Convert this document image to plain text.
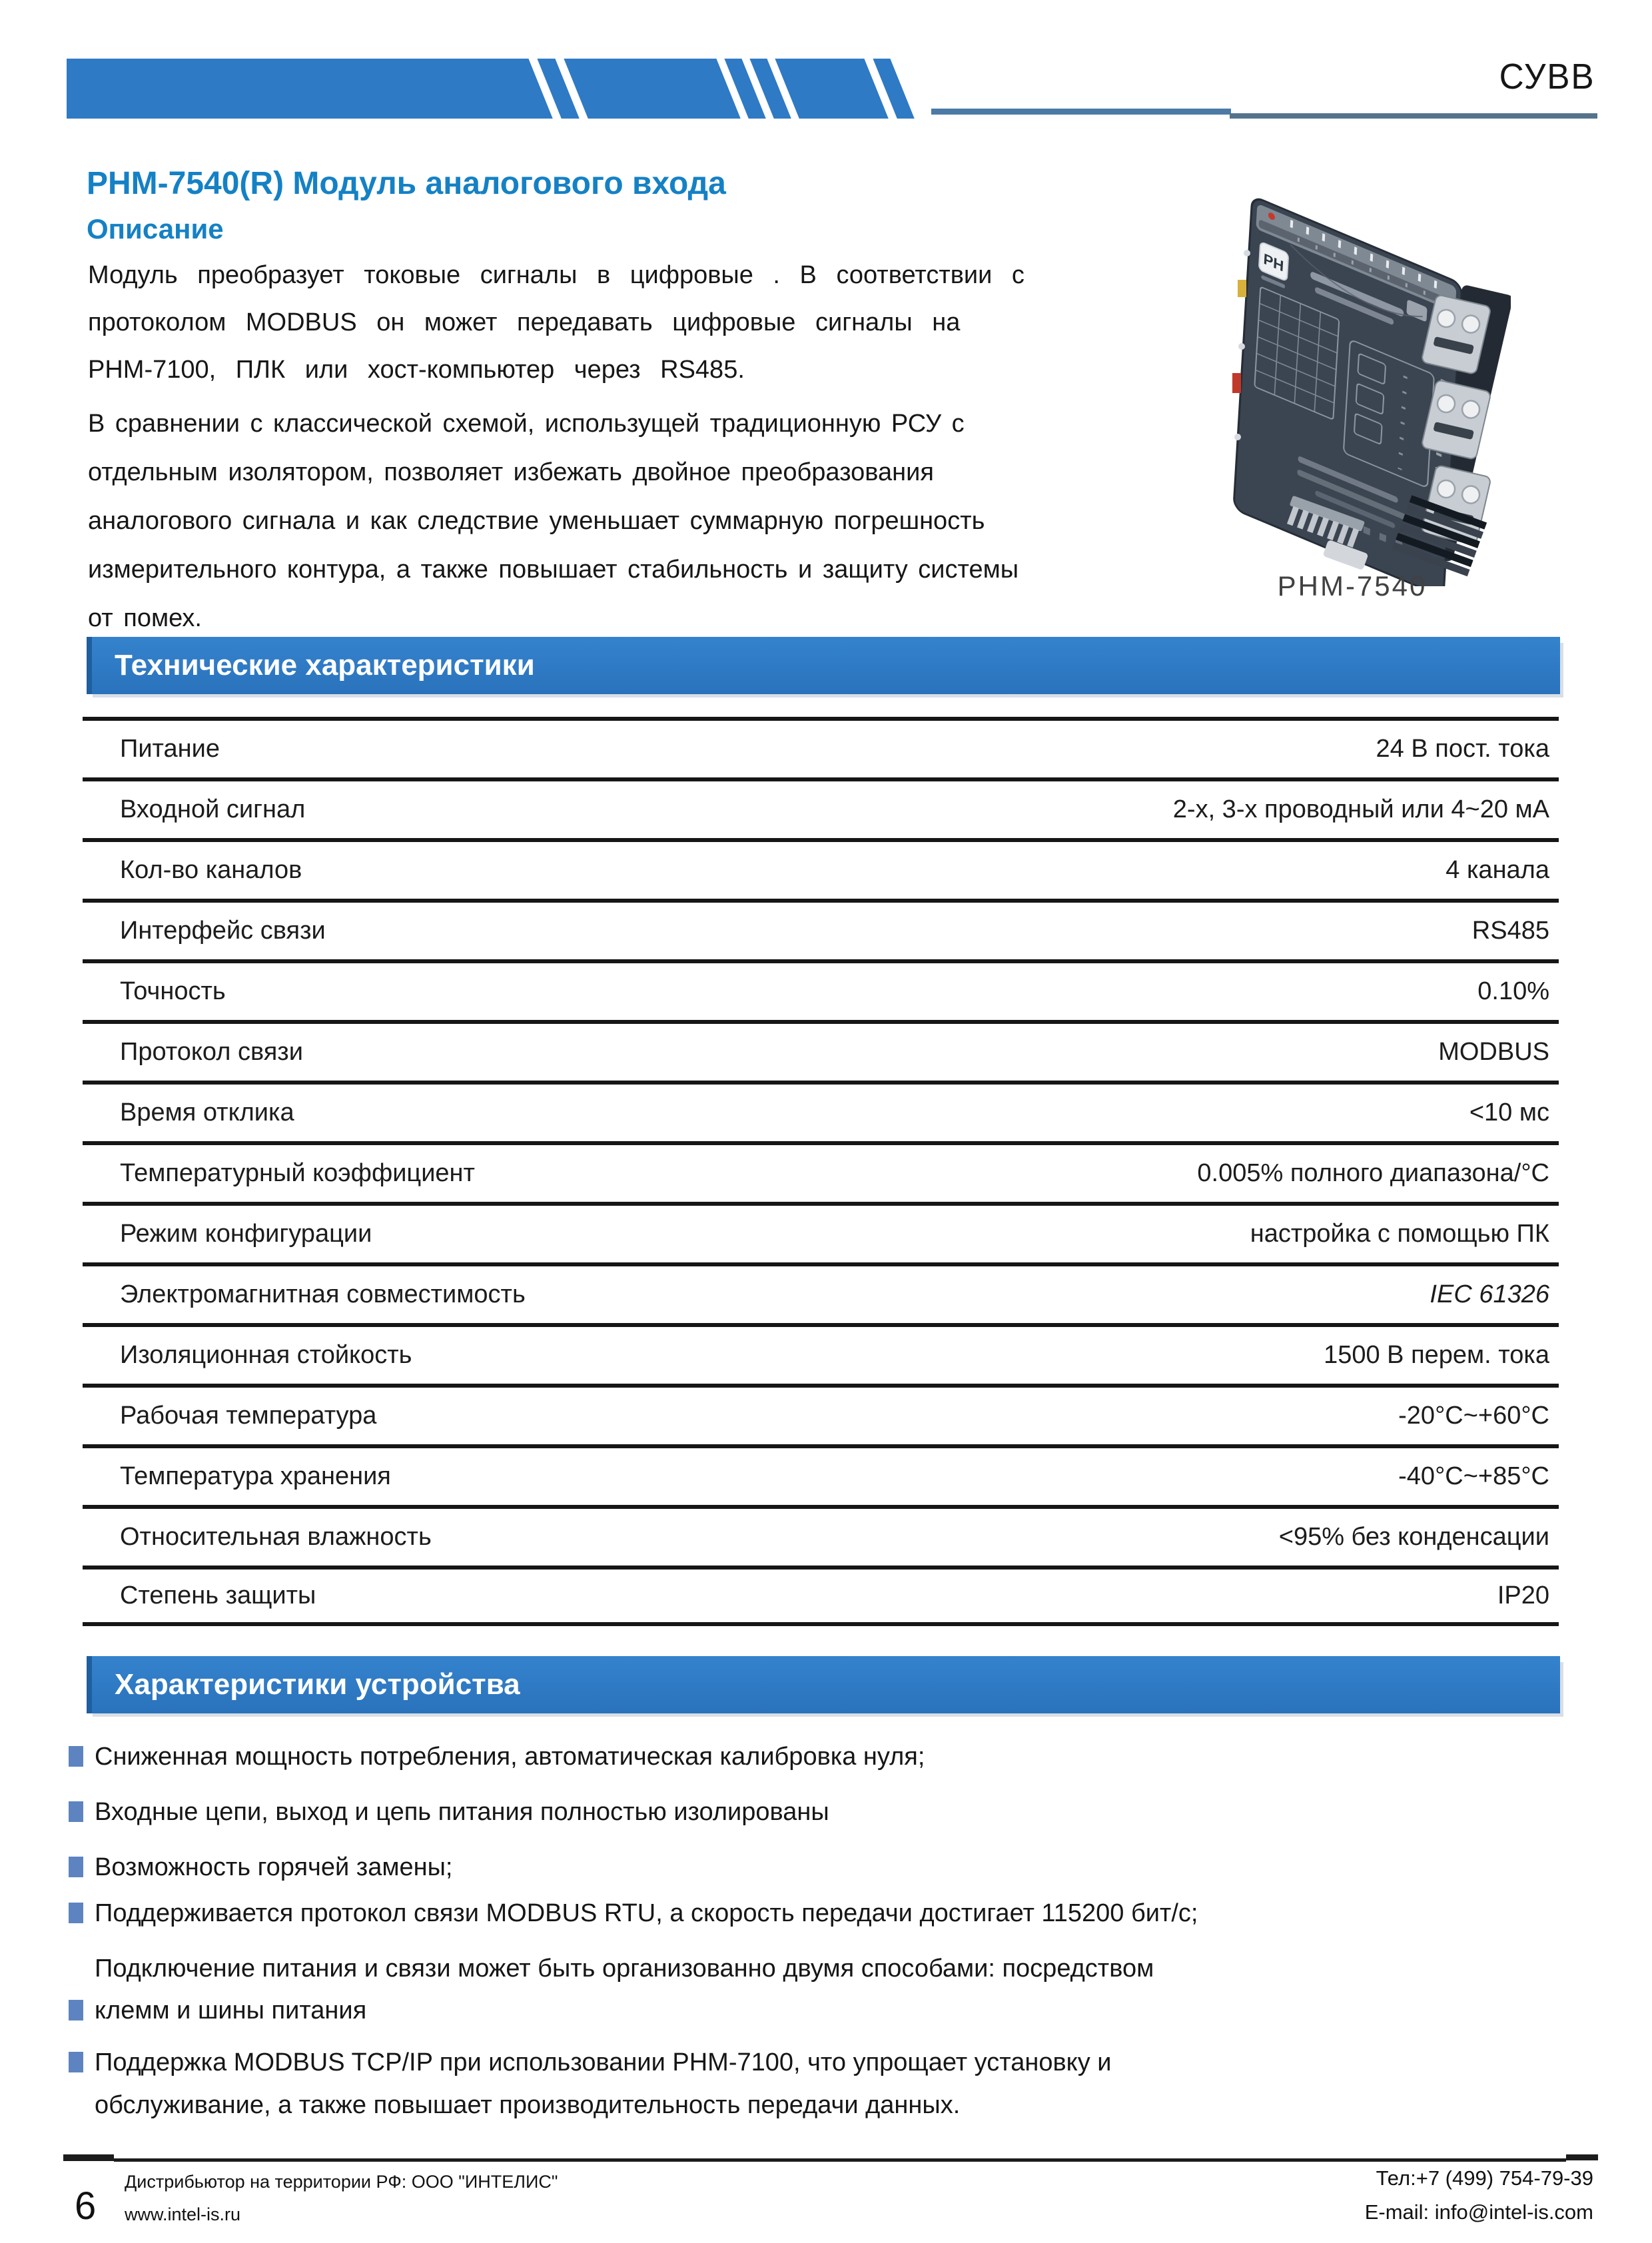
СУВВ
PHM-7540(R) Модуль аналогового входа
Описание
Модуль преобразует токовые сигналы в цифровые . В соответствии с
протоколом MODBUS он может передавать цифровые сигналы на
PHM-7100, ПЛК или хост-компьютер через RS485.
В сравнении с классической схемой, использущей традиционную РСУ с
отдельным изолятором, позволяет избежать двойное преобразования
аналогового сигнала и как следствие уменьшает суммарную погрешность
измерительного контура, а также повышает стабильность и защиту системы
от помех.
PH
PHM-7540
Технические характеристики
Питание	24 В пост. тока
Входной сигнал	2-х, 3-х проводный или 4~20 мА
Кол-во каналов	4 канала
Интерфейс связи	RS485
Точность	0.10%
Протокол связи	MODBUS
Время отклика	<10 мс
Температурный коэффициент	0.005% полного диапазона/°С
Режим конфигурации	настройка с помощью ПК
Электромагнитная совместимость	IEC 61326
Изоляционная стойкость	1500 В перем. тока
Рабочая температура	-20°С~+60°С
Температура хранения	-40°С~+85°С
Относительная влажность	<95% без конденсации
Степень защиты	IP20
Характеристики устройства
Сниженная мощность потребления, автоматическая калибровка нуля;
Входные цепи, выход и цепь питания полностью изолированы
Возможность горячей замены;
Поддерживается протокол связи MODBUS RTU, а скорость передачи достигает 115200 бит/с;
Подключение питания и связи может быть организованно двумя способами: посредством
клемм и шины питания
Поддержка MODBUS TCP/IP при использовании PHM-7100, что упрощает установку и
обслуживание, а также повышает производительность передачи данных.
6
Дистрибьютор на территории РФ: ООО "ИНТЕЛИС"
www.intel-is.ru
Тел:+7 (499) 754-79-39
E-mail: info@intel-is.com
